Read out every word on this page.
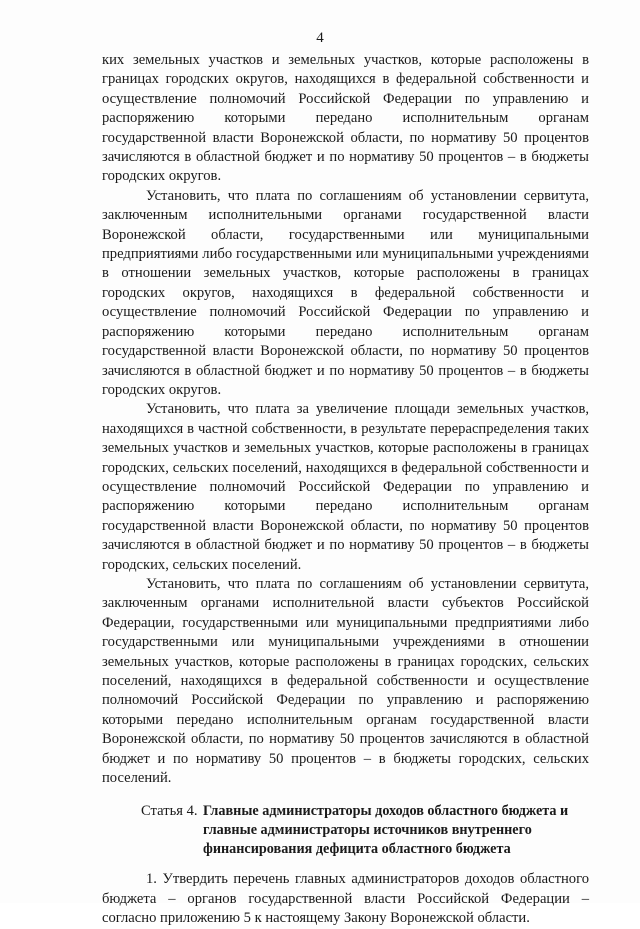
4

ких земельных участков и земельных участков, которые расположены в границах городских округов, находящихся в федеральной собственности и осуществление полномочий Российской Федерации по управлению и распоряжению которыми передано исполнительным органам государственной власти Воронежской области, по нормативу 50 процентов зачисляются в областной бюджет и по нормативу 50 процентов – в бюджеты городских округов.

Установить, что плата по соглашениям об установлении сервитута, заключенным исполнительными органами государственной власти Воронежской области, государственными или муниципальными предприятиями либо государственными или муниципальными учреждениями в отношении земельных участков, которые расположены в границах городских округов, находящихся в федеральной собственности и осуществление полномочий Российской Федерации по управлению и распоряжению которыми передано исполнительным органам государственной власти Воронежской области, по нормативу 50 процентов зачисляются в областной бюджет и по нормативу 50 процентов – в бюджеты городских округов.

Установить, что плата за увеличение площади земельных участков, находящихся в частной собственности, в результате перераспределения таких земельных участков и земельных участков, которые расположены в границах городских, сельских поселений, находящихся в федеральной собственности и осуществление полномочий Российской Федерации по управлению и распоряжению которыми передано исполнительным органам государственной власти Воронежской области, по нормативу 50 процентов зачисляются в областной бюджет и по нормативу 50 процентов – в бюджеты городских, сельских поселений.

Установить, что плата по соглашениям об установлении сервитута, заключенным органами исполнительной власти субъектов Российской Федерации, государственными или муниципальными предприятиями либо государственными или муниципальными учреждениями в отношении земельных участков, которые расположены в границах городских, сельских поселений, находящихся в федеральной собственности и осуществление полномочий Российской Федерации по управлению и распоряжению которыми передано исполнительным органам государственной власти Воронежской области, по нормативу 50 процентов зачисляются в областной бюджет и по нормативу 50 процентов – в бюджеты городских, сельских поселений.

Статья 4. Главные администраторы доходов областного бюджета и главные администраторы источников внутреннего финансирования дефицита областного бюджета

1. Утвердить перечень главных администраторов доходов областного бюджета – органов государственной власти Российской Федерации – согласно приложению 5 к настоящему Закону Воронежской области.
